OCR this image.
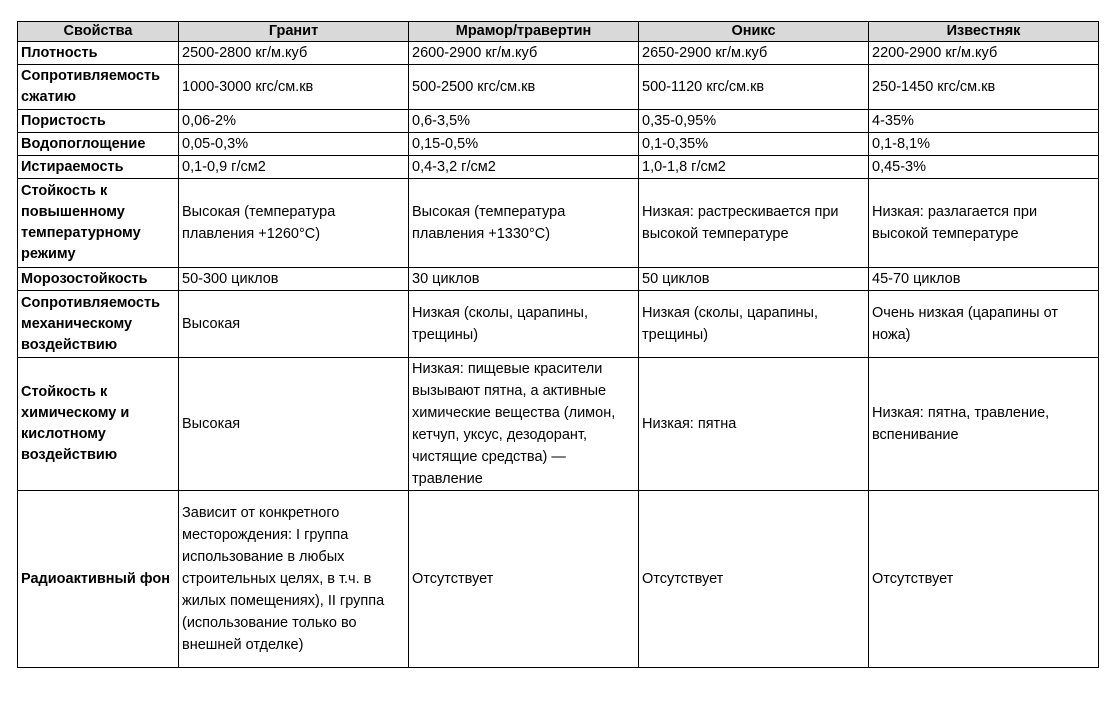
Свойства	Гранит	Мрамор/травертин	Оникс	Известняк
Плотность	2500-2800 кг/м.куб	2600-2900 кг/м.куб	2650-2900 кг/м.куб	2200-2900 кг/м.куб
Сопротивляемость сжатию	1000-3000 кгс/см.кв	500-2500 кгс/см.кв	500-1120 кгс/см.кв	250-1450 кгс/см.кв
Пористость	0,06-2%	0,6-3,5%	0,35-0,95%	4-35%
Водопоглощение	0,05-0,3%	0,15-0,5%	0,1-0,35%	0,1-8,1%
Истираемость	0,1-0,9 г/см2	0,4-3,2 г/см2	1,0-1,8 г/см2	0,45-3%
Стойкость к повышенному температурному режиму	Высокая (температура плавления +1260°C)	Высокая (температура плавления +1330°C)	Низкая: растрескивается при высокой температуре	Низкая: разлагается при высокой температуре
Морозостойкость	50-300 циклов	30 циклов	50 циклов	45-70 циклов
Сопротивляемость механическому воздействию	Высокая	Низкая (сколы, царапины, трещины)	Низкая (сколы, царапины, трещины)	Очень низкая (царапины от ножа)
Стойкость к химическому и кислотному воздействию	Высокая	Низкая: пищевые красители вызывают пятна, а активные химические вещества (лимон, кетчуп, уксус, дезодорант, чистящие средства) — травление	Низкая: пятна	Низкая: пятна, травление, вспенивание
Радиоактивный фон	Зависит от конкретного месторождения: I группа использование в любых строительных целях, в т.ч. в жилых помещениях), II группа (использование только во внешней отделке)	Отсутствует	Отсутствует	Отсутствует
